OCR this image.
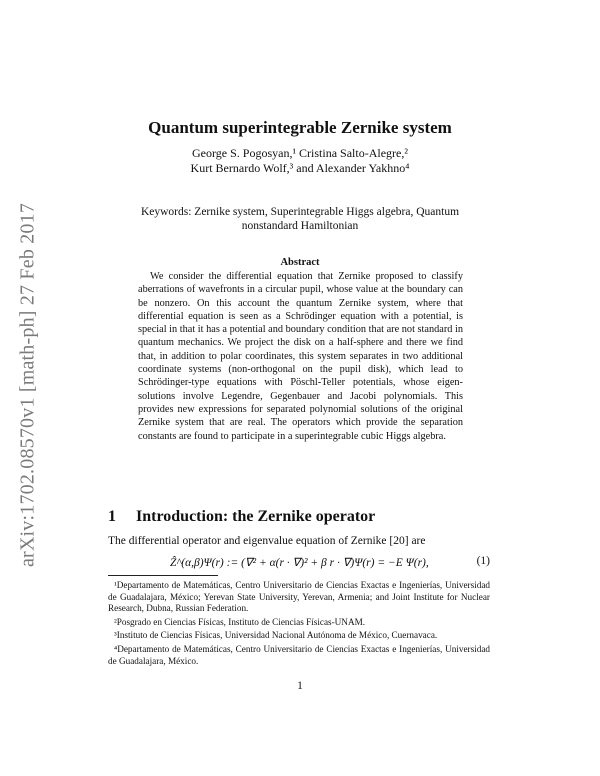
arXiv:1702.08570v1 [math-ph] 27 Feb 2017
Quantum superintegrable Zernike system
George S. Pogosyan,¹ Cristina Salto-Alegre,²
Kurt Bernardo Wolf,³ and Alexander Yakhno⁴
Keywords: Zernike system, Superintegrable Higgs algebra, Quantum nonstandard Hamiltonian
Abstract
We consider the differential equation that Zernike proposed to classify aberrations of wavefronts in a circular pupil, whose value at the boundary can be nonzero. On this account the quantum Zernike system, where that differential equation is seen as a Schrödinger equation with a potential, is special in that it has a potential and boundary condition that are not standard in quantum mechanics. We project the disk on a half-sphere and there we find that, in addition to polar coordinates, this system separates in two additional coordinate systems (non-orthogonal on the pupil disk), which lead to Schrödinger-type equations with Pöschl-Teller potentials, whose eigen-solutions involve Legendre, Gegenbauer and Jacobi polynomials. This provides new expressions for separated polynomial solutions of the original Zernike system that are real. The operators which provide the separation constants are found to participate in a superintegrable cubic Higgs algebra.
1 Introduction: the Zernike operator
The differential operator and eigenvalue equation of Zernike [20] are
Ẑ^(α,β)Ψ(r) := (∇² + α(r · ∇)² + β r · ∇)Ψ(r) = −E Ψ(r),	(1)

¹Departamento de Matemáticas, Centro Universitario de Ciencias Exactas e Ingenierías, Universidad de Guadalajara, México; Yerevan State University, Yerevan, Armenia; and Joint Institute for Nuclear Research, Dubna, Russian Federation.

²Posgrado en Ciencias Físicas, Instituto de Ciencias Físicas-UNAM.

³Instituto de Ciencias Físicas, Universidad Nacional Autónoma de México, Cuernavaca.

⁴Departamento de Matemáticas, Centro Universitario de Ciencias Exactas e Ingenierías, Universidad de Guadalajara, México.

1
